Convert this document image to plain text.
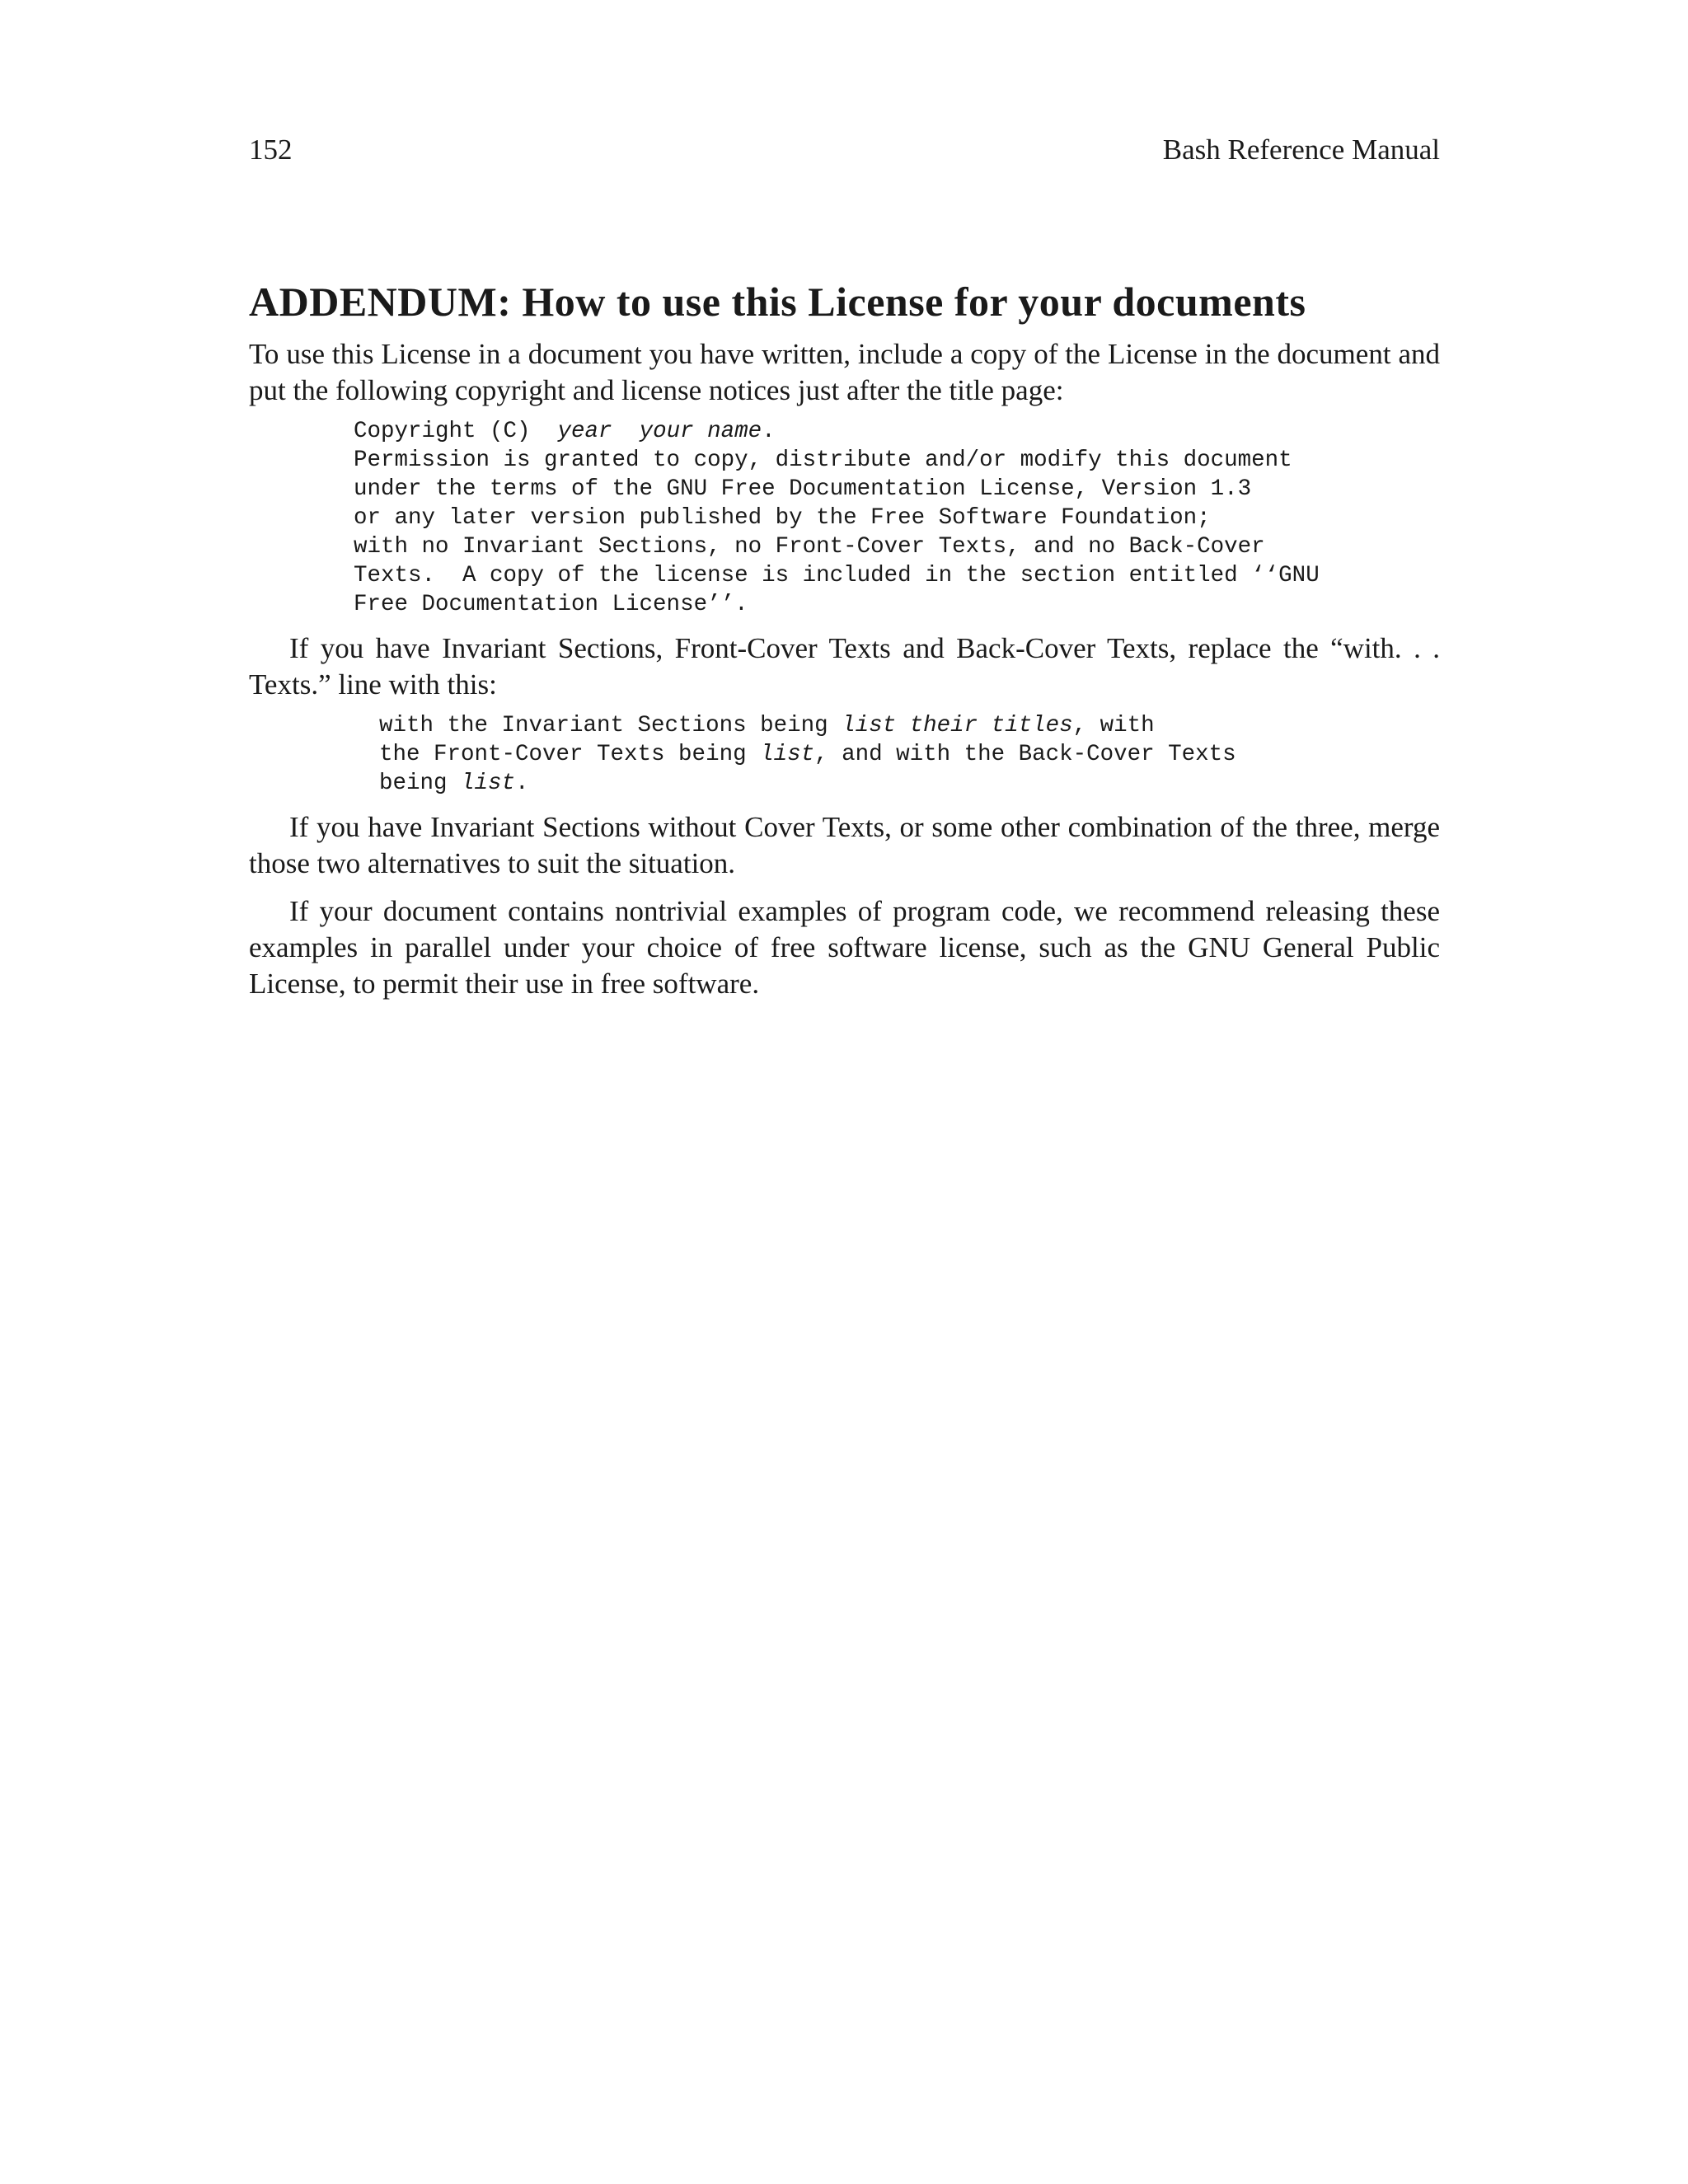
152	Bash Reference Manual
ADDENDUM: How to use this License for your documents

To use this License in a document you have written, include a copy of the License in the document and put the following copyright and license notices just after the title page:

Copyright (C)  year your name.
Permission is granted to copy, distribute and/or modify this document
under the terms of the GNU Free Documentation License, Version 1.3
or any later version published by the Free Software Foundation;
with no Invariant Sections, no Front-Cover Texts, and no Back-Cover
Texts.  A copy of the license is included in the section entitled ‘‘GNU
Free Documentation License’’.

If you have Invariant Sections, Front-Cover Texts and Back-Cover Texts, replace the “with. . . Texts.” line with this:

with the Invariant Sections being list their titles, with
the Front-Cover Texts being list, and with the Back-Cover Texts
being list.

If you have Invariant Sections without Cover Texts, or some other combination of the three, merge those two alternatives to suit the situation.

If your document contains nontrivial examples of program code, we recommend releasing these examples in parallel under your choice of free software license, such as the GNU General Public License, to permit their use in free software.
